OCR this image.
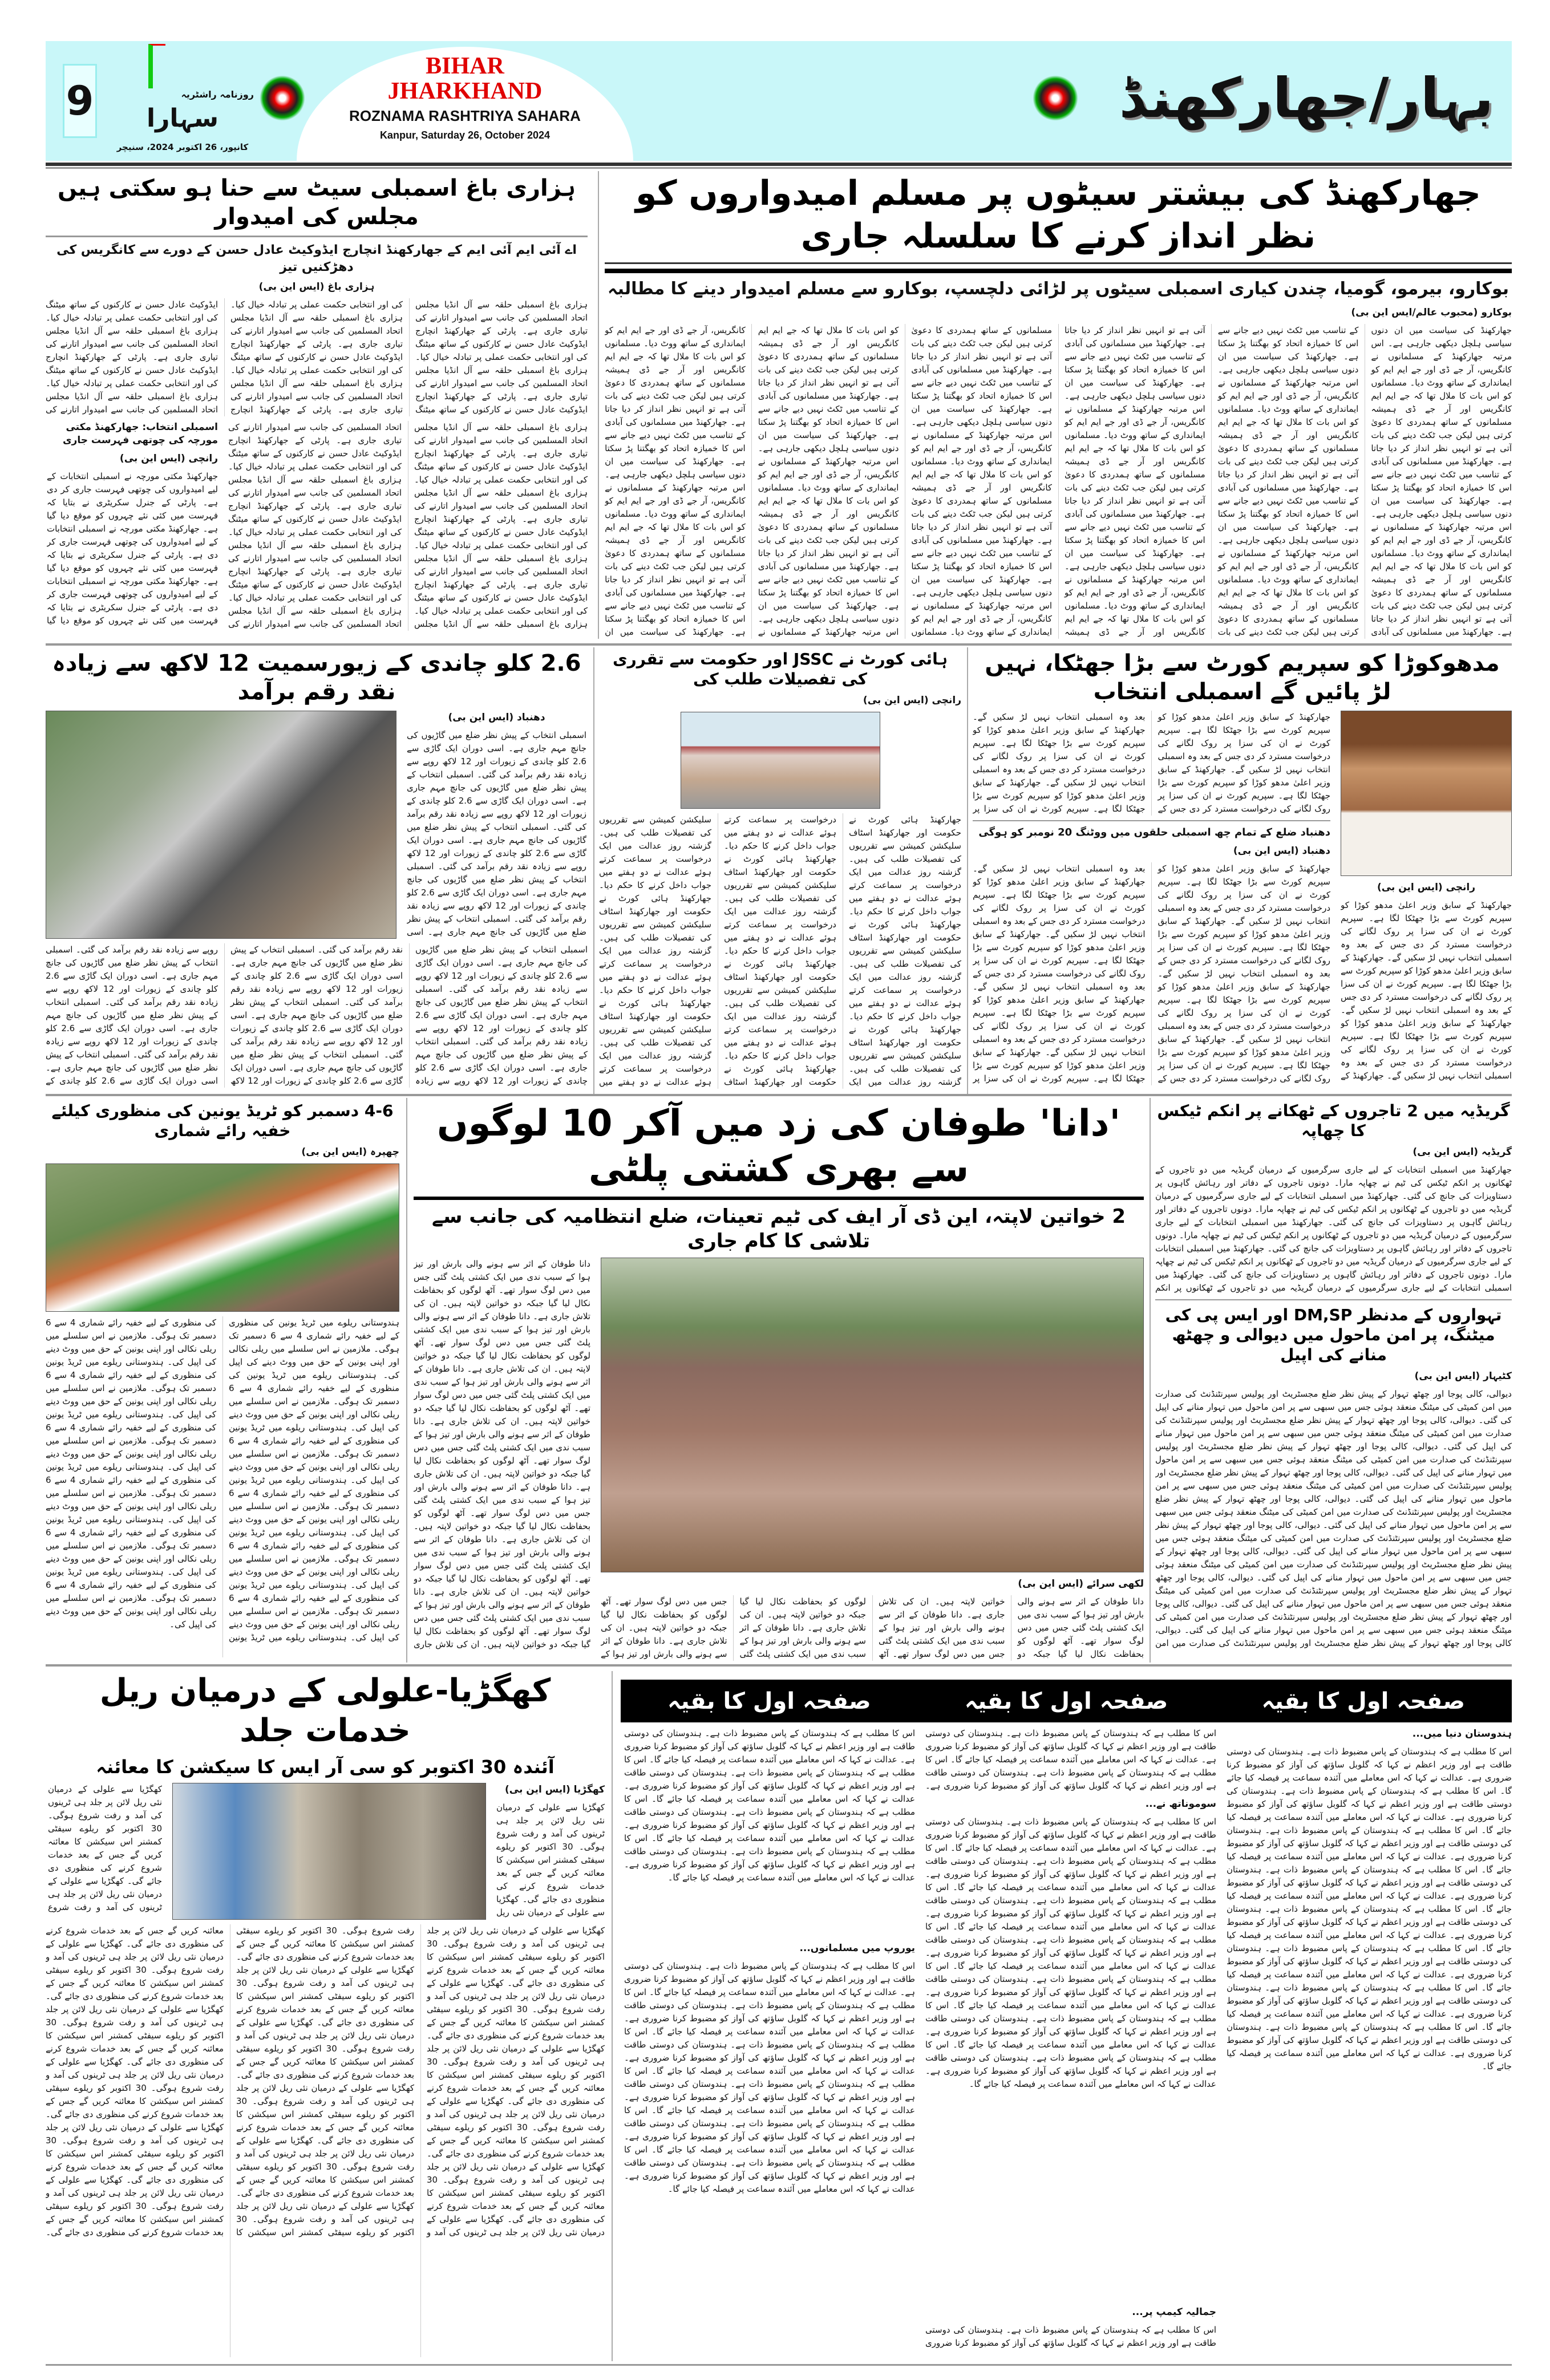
9	روزنامہ راشٹریہ
سہارا
کانپور، 26 اکتوبر 2024، سنیچر
BIHAR
JHARKHAND
ROZNAMA RASHTRIYA SAHARA
Kanpur, Saturday 26, October 2024
بہار/جھارکھنڈ
جھارکھنڈ کی بیشتر سیٹوں پر مسلم امیدواروں کو نظر انداز کرنے کا سلسلہ جاری
بوکارو، بیرمو، گومیا، چندن کیاری اسمبلی سیٹوں پر لڑائی دلچسپ، بوکارو سے مسلم امیدوار دینے کا مطالبہ
بوکارو (محبوب عالم/ایس این بی)
جھارکھنڈ کی سیاست میں ان دنوں سیاسی ہلچل دیکھی جارہی ہے۔ اس مرتبہ جھارکھنڈ کے مسلمانوں نے کانگریس، آر جے ڈی اور جے ایم ایم کو ایمانداری کے ساتھ ووٹ دیا۔ مسلمانوں کو اس بات کا ملال تھا کہ جے ایم ایم کانگریس اور آر جے ڈی ہمیشہ مسلمانوں کے ساتھ ہمدردی کا دعویٰ کرتی ہیں لیکن جب ٹکٹ دینے کی بات آتی ہے تو انہیں نظر انداز کر دیا جاتا ہے۔ جھارکھنڈ میں مسلمانوں کی آبادی کے تناسب میں ٹکٹ نہیں دیے جانے سے اس کا خمیازہ اتحاد کو بھگتنا پڑ سکتا ہے۔ جھارکھنڈ کی سیاست میں ان دنوں سیاسی ہلچل دیکھی جارہی ہے۔ اس مرتبہ جھارکھنڈ کے مسلمانوں نے کانگریس، آر جے ڈی اور جے ایم ایم کو ایمانداری کے ساتھ ووٹ دیا۔ مسلمانوں کو اس بات کا ملال تھا کہ جے ایم ایم کانگریس اور آر جے ڈی ہمیشہ مسلمانوں کے ساتھ ہمدردی کا دعویٰ کرتی ہیں لیکن جب ٹکٹ دینے کی بات آتی ہے تو انہیں نظر انداز کر دیا جاتا ہے۔ جھارکھنڈ میں مسلمانوں کی آبادی کے تناسب میں ٹکٹ نہیں دیے جانے سے اس کا خمیازہ اتحاد کو بھگتنا پڑ سکتا ہے۔ جھارکھنڈ کی سیاست میں ان دنوں سیاسی ہلچل دیکھی جارہی ہے۔ اس مرتبہ جھارکھنڈ کے مسلمانوں نے کانگریس، آر جے ڈی اور جے ایم ایم کو ایمانداری کے ساتھ ووٹ دیا۔ مسلمانوں کو اس بات کا ملال تھا کہ جے ایم ایم کانگریس اور آر جے ڈی ہمیشہ مسلمانوں کے ساتھ ہمدردی کا دعویٰ کرتی ہیں لیکن جب ٹکٹ دینے کی بات آتی ہے تو انہیں نظر انداز کر دیا جاتا ہے۔ جھارکھنڈ میں مسلمانوں کی آبادی کے تناسب میں ٹکٹ نہیں دیے جانے سے اس کا خمیازہ اتحاد کو بھگتنا پڑ سکتا ہے۔ جھارکھنڈ کی سیاست میں ان دنوں سیاسی ہلچل دیکھی جارہی ہے۔ اس مرتبہ جھارکھنڈ کے مسلمانوں نے کانگریس، آر جے ڈی اور جے ایم ایم کو ایمانداری کے ساتھ ووٹ دیا۔ مسلمانوں کو اس بات کا ملال تھا کہ جے ایم ایم کانگریس اور آر جے ڈی ہمیشہ مسلمانوں کے ساتھ ہمدردی کا دعویٰ کرتی ہیں لیکن جب ٹکٹ دینے کی بات آتی ہے تو انہیں نظر انداز کر دیا جاتا ہے۔ جھارکھنڈ میں مسلمانوں کی آبادی کے تناسب میں ٹکٹ نہیں دیے جانے سے اس کا خمیازہ اتحاد کو بھگتنا پڑ سکتا ہے۔ جھارکھنڈ کی سیاست میں ان دنوں سیاسی ہلچل دیکھی جارہی ہے۔ اس مرتبہ جھارکھنڈ کے مسلمانوں نے کانگریس، آر جے ڈی اور جے ایم ایم کو ایمانداری کے ساتھ ووٹ دیا۔ مسلمانوں کو اس بات کا ملال تھا کہ جے ایم ایم کانگریس اور آر جے ڈی ہمیشہ مسلمانوں کے ساتھ ہمدردی کا دعویٰ کرتی ہیں لیکن جب ٹکٹ دینے کی بات آتی ہے تو انہیں نظر انداز کر دیا جاتا ہے۔ جھارکھنڈ میں مسلمانوں کی آبادی کے تناسب میں ٹکٹ نہیں دیے جانے سے اس کا خمیازہ اتحاد کو بھگتنا پڑ سکتا ہے۔ جھارکھنڈ کی سیاست میں ان دنوں سیاسی ہلچل دیکھی جارہی ہے۔ اس مرتبہ جھارکھنڈ کے مسلمانوں نے کانگریس، آر جے ڈی اور جے ایم ایم کو ایمانداری کے ساتھ ووٹ دیا۔ مسلمانوں کو اس بات کا ملال تھا کہ جے ایم ایم کانگریس اور آر جے ڈی ہمیشہ مسلمانوں کے ساتھ ہمدردی کا دعویٰ کرتی ہیں لیکن جب ٹکٹ دینے کی بات آتی ہے تو انہیں نظر انداز کر دیا جاتا ہے۔ جھارکھنڈ میں مسلمانوں کی آبادی کے تناسب میں ٹکٹ نہیں دیے جانے سے اس کا خمیازہ اتحاد کو بھگتنا پڑ سکتا ہے۔ جھارکھنڈ کی سیاست میں ان دنوں سیاسی ہلچل دیکھی جارہی ہے۔ اس مرتبہ جھارکھنڈ کے مسلمانوں نے کانگریس، آر جے ڈی اور جے ایم ایم کو ایمانداری کے ساتھ ووٹ دیا۔ مسلمانوں کو اس بات کا ملال تھا کہ جے ایم ایم کانگریس اور آر جے ڈی ہمیشہ مسلمانوں کے ساتھ ہمدردی کا دعویٰ کرتی ہیں لیکن جب ٹکٹ دینے کی بات آتی ہے تو انہیں نظر انداز کر دیا جاتا ہے۔ جھارکھنڈ میں مسلمانوں کی آبادی کے تناسب میں ٹکٹ نہیں دیے جانے سے اس کا خمیازہ اتحاد کو بھگتنا پڑ سکتا ہے۔ جھارکھنڈ کی سیاست میں ان دنوں سیاسی ہلچل دیکھی جارہی ہے۔ اس مرتبہ جھارکھنڈ کے مسلمانوں نے کانگریس، آر جے ڈی اور جے ایم ایم کو ایمانداری کے ساتھ ووٹ دیا۔ مسلمانوں کو اس بات کا ملال تھا کہ جے ایم ایم کانگریس اور آر جے ڈی ہمیشہ مسلمانوں کے ساتھ ہمدردی کا دعویٰ کرتی ہیں لیکن جب ٹکٹ دینے کی بات آتی ہے تو انہیں نظر انداز کر دیا جاتا ہے۔ جھارکھنڈ میں مسلمانوں کی آبادی کے تناسب میں ٹکٹ نہیں دیے جانے سے اس کا خمیازہ اتحاد کو بھگتنا پڑ سکتا ہے۔ جھارکھنڈ کی سیاست میں ان دنوں سیاسی ہلچل دیکھی جارہی ہے۔ اس مرتبہ جھارکھنڈ کے مسلمانوں نے کانگریس، آر جے ڈی اور جے ایم ایم کو ایمانداری کے ساتھ ووٹ دیا۔ مسلمانوں کو اس بات کا ملال تھا کہ جے ایم ایم کانگریس اور آر جے ڈی ہمیشہ مسلمانوں کے ساتھ ہمدردی کا دعویٰ کرتی ہیں لیکن جب ٹکٹ دینے کی بات آتی ہے تو انہیں نظر انداز کر دیا جاتا ہے۔ جھارکھنڈ میں مسلمانوں کی آبادی کے تناسب میں ٹکٹ نہیں دیے جانے سے اس کا خمیازہ اتحاد کو بھگتنا پڑ سکتا ہے۔ جھارکھنڈ کی سیاست میں ان دنوں سیاسی ہلچل دیکھی جارہی ہے۔ اس مرتبہ جھارکھنڈ کے مسلمانوں نے کانگریس، آر جے ڈی اور جے ایم ایم کو ایمانداری کے ساتھ ووٹ دیا۔ مسلمانوں کو اس بات کا ملال تھا کہ جے ایم ایم کانگریس اور آر جے ڈی ہمیشہ مسلمانوں کے ساتھ ہمدردی کا دعویٰ کرتی ہیں لیکن جب ٹکٹ دینے کی بات آتی ہے تو انہیں نظر انداز کر دیا جاتا ہے۔ جھارکھنڈ میں مسلمانوں کی آبادی کے تناسب میں ٹکٹ نہیں دیے جانے سے اس کا خمیازہ اتحاد کو بھگتنا پڑ سکتا ہے۔ جھارکھنڈ کی سیاست میں ان دنوں سیاسی ہلچل دیکھی جارہی ہے۔ اس مرتبہ جھارکھنڈ کے مسلمانوں نے کانگریس، آر جے ڈی اور جے ایم ایم کو ایمانداری کے ساتھ ووٹ دیا۔ مسلمانوں کو اس بات کا ملال تھا کہ جے ایم ایم کانگریس اور آر جے ڈی ہمیشہ مسلمانوں کے ساتھ ہمدردی کا دعویٰ کرتی ہیں لیکن جب ٹکٹ دینے کی بات آتی ہے تو انہیں نظر انداز کر دیا جاتا ہے۔ جھارکھنڈ میں مسلمانوں کی آبادی کے تناسب میں ٹکٹ نہیں دیے جانے سے اس کا خمیازہ اتحاد کو بھگتنا پڑ سکتا ہے۔ جھارکھنڈ کی سیاست میں ان
ہزاری باغ اسمبلی سیٹ سے حنا ہو سکتی ہیں مجلس کی امیدوار
اے آئی ایم آئی ایم کے جھارکھنڈ انچارج ایڈوکیٹ عادل حسن کے دورے سے کانگریس کی دھڑکنیں تیز
ہزاری باغ (ایس این بی)
ہزاری باغ اسمبلی حلقہ سے آل انڈیا مجلس اتحاد المسلمین کی جانب سے امیدوار اتارنے کی تیاری جاری ہے۔ پارٹی کے جھارکھنڈ انچارج ایڈوکیٹ عادل حسن نے کارکنوں کے ساتھ میٹنگ کی اور انتخابی حکمت عملی پر تبادلہ خیال کیا۔ ہزاری باغ اسمبلی حلقہ سے آل انڈیا مجلس اتحاد المسلمین کی جانب سے امیدوار اتارنے کی تیاری جاری ہے۔ پارٹی کے جھارکھنڈ انچارج ایڈوکیٹ عادل حسن نے کارکنوں کے ساتھ میٹنگ کی اور انتخابی حکمت عملی پر تبادلہ خیال کیا۔ ہزاری باغ اسمبلی حلقہ سے آل انڈیا مجلس اتحاد المسلمین کی جانب سے امیدوار اتارنے کی تیاری جاری ہے۔ پارٹی کے جھارکھنڈ انچارج ایڈوکیٹ عادل حسن نے کارکنوں کے ساتھ میٹنگ کی اور انتخابی حکمت عملی پر تبادلہ خیال کیا۔ ہزاری باغ اسمبلی حلقہ سے آل انڈیا مجلس اتحاد المسلمین کی جانب سے امیدوار اتارنے کی تیاری جاری ہے۔ پارٹی کے جھارکھنڈ انچارج ایڈوکیٹ عادل حسن نے کارکنوں کے ساتھ میٹنگ کی اور انتخابی حکمت عملی پر تبادلہ خیال کیا۔ ہزاری باغ اسمبلی حلقہ سے آل انڈیا مجلس اتحاد المسلمین کی جانب سے امیدوار اتارنے کی تیاری جاری ہے۔ پارٹی کے جھارکھنڈ انچارج ایڈوکیٹ عادل حسن نے کارکنوں کے ساتھ میٹنگ کی اور انتخابی حکمت عملی پر تبادلہ خیال کیا۔ ہزاری باغ اسمبلی حلقہ سے آل انڈیا مجلس اتحاد المسلمین کی جانب سے امیدوار اتارنے کی
ہزاری باغ اسمبلی حلقہ سے آل انڈیا مجلس اتحاد المسلمین کی جانب سے امیدوار اتارنے کی تیاری جاری ہے۔ پارٹی کے جھارکھنڈ انچارج ایڈوکیٹ عادل حسن نے کارکنوں کے ساتھ میٹنگ کی اور انتخابی حکمت عملی پر تبادلہ خیال کیا۔ ہزاری باغ اسمبلی حلقہ سے آل انڈیا مجلس اتحاد المسلمین کی جانب سے امیدوار اتارنے کی تیاری جاری ہے۔ پارٹی کے جھارکھنڈ انچارج ایڈوکیٹ عادل حسن نے کارکنوں کے ساتھ میٹنگ کی اور انتخابی حکمت عملی پر تبادلہ خیال کیا۔ ہزاری باغ اسمبلی حلقہ سے آل انڈیا مجلس اتحاد المسلمین کی جانب سے امیدوار اتارنے کی تیاری جاری ہے۔ پارٹی کے جھارکھنڈ انچارج ایڈوکیٹ عادل حسن نے کارکنوں کے ساتھ میٹنگ کی اور انتخابی حکمت عملی پر تبادلہ خیال کیا۔ ہزاری باغ اسمبلی حلقہ سے آل انڈیا مجلس اتحاد المسلمین کی جانب سے امیدوار اتارنے کی تیاری جاری ہے۔ پارٹی کے جھارکھنڈ انچارج ایڈوکیٹ عادل حسن نے کارکنوں کے ساتھ میٹنگ کی اور انتخابی حکمت عملی پر تبادلہ خیال کیا۔ ہزاری باغ اسمبلی حلقہ سے آل انڈیا مجلس اتحاد المسلمین کی جانب سے امیدوار اتارنے کی تیاری جاری ہے۔ پارٹی کے جھارکھنڈ انچارج ایڈوکیٹ عادل حسن نے کارکنوں کے ساتھ میٹنگ کی اور انتخابی حکمت عملی پر تبادلہ خیال کیا۔ ہزاری باغ اسمبلی حلقہ سے آل انڈیا مجلس اتحاد المسلمین کی جانب سے امیدوار اتارنے کی تیاری جاری ہے۔ پارٹی کے جھارکھنڈ انچارج ایڈوکیٹ عادل حسن نے کارکنوں کے ساتھ میٹنگ کی اور انتخابی حکمت عملی پر تبادلہ خیال کیا۔ ہزاری باغ اسمبلی حلقہ سے آل انڈیا مجلس اتحاد المسلمین کی جانب سے امیدوار اتارنے کی
اسمبلی انتخاب: جھارکھنڈ مکتی مورچہ کی چوتھی فہرست جاری
رانچی (ایس این بی)
جھارکھنڈ مکتی مورچہ نے اسمبلی انتخابات کے لیے امیدواروں کی چوتھی فہرست جاری کر دی ہے۔ پارٹی کے جنرل سکریٹری نے بتایا کہ فہرست میں کئی نئے چہروں کو موقع دیا گیا ہے۔ جھارکھنڈ مکتی مورچہ نے اسمبلی انتخابات کے لیے امیدواروں کی چوتھی فہرست جاری کر دی ہے۔ پارٹی کے جنرل سکریٹری نے بتایا کہ فہرست میں کئی نئے چہروں کو موقع دیا گیا ہے۔ جھارکھنڈ مکتی مورچہ نے اسمبلی انتخابات کے لیے امیدواروں کی چوتھی فہرست جاری کر دی ہے۔ پارٹی کے جنرل سکریٹری نے بتایا کہ فہرست میں کئی نئے چہروں کو موقع دیا گیا
مدھوکوڑا کو سپریم کورٹ سے بڑا جھٹکا، نہیں لڑ پائیں گے اسمبلی انتخاب
رانچی (ایس این بی)
جھارکھنڈ کے سابق وزیر اعلیٰ مدھو کوڑا کو سپریم کورٹ سے بڑا جھٹکا لگا ہے۔ سپریم کورٹ نے ان کی سزا پر روک لگانے کی درخواست مسترد کر دی جس کے بعد وہ اسمبلی انتخاب نہیں لڑ سکیں گے۔ جھارکھنڈ کے سابق وزیر اعلیٰ مدھو کوڑا کو سپریم کورٹ سے بڑا جھٹکا لگا ہے۔ سپریم کورٹ نے ان کی سزا پر روک لگانے کی درخواست مسترد کر دی جس کے بعد وہ اسمبلی انتخاب نہیں لڑ سکیں گے۔ جھارکھنڈ کے سابق وزیر اعلیٰ مدھو کوڑا کو سپریم کورٹ سے بڑا جھٹکا لگا ہے۔ سپریم کورٹ نے ان کی سزا پر روک لگانے کی درخواست مسترد کر دی جس کے بعد وہ اسمبلی انتخاب نہیں لڑ سکیں گے۔ جھارکھنڈ کے
جھارکھنڈ کے سابق وزیر اعلیٰ مدھو کوڑا کو سپریم کورٹ سے بڑا جھٹکا لگا ہے۔ سپریم کورٹ نے ان کی سزا پر روک لگانے کی درخواست مسترد کر دی جس کے بعد وہ اسمبلی انتخاب نہیں لڑ سکیں گے۔ جھارکھنڈ کے سابق وزیر اعلیٰ مدھو کوڑا کو سپریم کورٹ سے بڑا جھٹکا لگا ہے۔ سپریم کورٹ نے ان کی سزا پر روک لگانے کی درخواست مسترد کر دی جس کے بعد وہ اسمبلی انتخاب نہیں لڑ سکیں گے۔ جھارکھنڈ کے سابق وزیر اعلیٰ مدھو کوڑا کو سپریم کورٹ سے بڑا جھٹکا لگا ہے۔ سپریم کورٹ نے ان کی سزا پر روک لگانے کی درخواست مسترد کر دی جس کے بعد وہ اسمبلی انتخاب نہیں لڑ سکیں گے۔ جھارکھنڈ کے سابق وزیر اعلیٰ مدھو کوڑا کو سپریم کورٹ سے بڑا جھٹکا لگا ہے۔ سپریم کورٹ نے ان کی سزا پر
دھنباد ضلع کے تمام چھ اسمبلی حلقوں میں ووٹنگ 20 نومبر کو ہوگی
دھنباد (ایس این بی)
جھارکھنڈ کے سابق وزیر اعلیٰ مدھو کوڑا کو سپریم کورٹ سے بڑا جھٹکا لگا ہے۔ سپریم کورٹ نے ان کی سزا پر روک لگانے کی درخواست مسترد کر دی جس کے بعد وہ اسمبلی انتخاب نہیں لڑ سکیں گے۔ جھارکھنڈ کے سابق وزیر اعلیٰ مدھو کوڑا کو سپریم کورٹ سے بڑا جھٹکا لگا ہے۔ سپریم کورٹ نے ان کی سزا پر روک لگانے کی درخواست مسترد کر دی جس کے بعد وہ اسمبلی انتخاب نہیں لڑ سکیں گے۔ جھارکھنڈ کے سابق وزیر اعلیٰ مدھو کوڑا کو سپریم کورٹ سے بڑا جھٹکا لگا ہے۔ سپریم کورٹ نے ان کی سزا پر روک لگانے کی درخواست مسترد کر دی جس کے بعد وہ اسمبلی انتخاب نہیں لڑ سکیں گے۔ جھارکھنڈ کے سابق وزیر اعلیٰ مدھو کوڑا کو سپریم کورٹ سے بڑا جھٹکا لگا ہے۔ سپریم کورٹ نے ان کی سزا پر روک لگانے کی درخواست مسترد کر دی جس کے بعد وہ اسمبلی انتخاب نہیں لڑ سکیں گے۔ جھارکھنڈ کے سابق وزیر اعلیٰ مدھو کوڑا کو سپریم کورٹ سے بڑا جھٹکا لگا ہے۔ سپریم کورٹ نے ان کی سزا پر روک لگانے کی درخواست مسترد کر دی جس کے بعد وہ اسمبلی انتخاب نہیں لڑ سکیں گے۔ جھارکھنڈ کے سابق وزیر اعلیٰ مدھو کوڑا کو سپریم کورٹ سے بڑا جھٹکا لگا ہے۔ سپریم کورٹ نے ان کی سزا پر روک لگانے کی درخواست مسترد کر دی جس کے بعد وہ اسمبلی انتخاب نہیں لڑ سکیں گے۔ جھارکھنڈ کے سابق وزیر اعلیٰ مدھو کوڑا کو سپریم کورٹ سے بڑا جھٹکا لگا ہے۔ سپریم کورٹ نے ان کی سزا پر روک لگانے کی درخواست مسترد کر دی جس کے بعد وہ اسمبلی انتخاب نہیں لڑ سکیں گے۔ جھارکھنڈ کے سابق وزیر اعلیٰ مدھو کوڑا کو سپریم کورٹ سے بڑا جھٹکا لگا ہے۔ سپریم کورٹ نے ان کی سزا پر
ہائی کورٹ نے JSSC اور حکومت سے تقرری کی تفصیلات طلب کی
رانچی (ایس این بی)
جھارکھنڈ ہائی کورٹ نے حکومت اور جھارکھنڈ اسٹاف سلیکشن کمیشن سے تقرریوں کی تفصیلات طلب کی ہیں۔ گزشتہ روز عدالت میں ایک درخواست پر سماعت کرتے ہوئے عدالت نے دو ہفتے میں جواب داخل کرنے کا حکم دیا۔ جھارکھنڈ ہائی کورٹ نے حکومت اور جھارکھنڈ اسٹاف سلیکشن کمیشن سے تقرریوں کی تفصیلات طلب کی ہیں۔ گزشتہ روز عدالت میں ایک درخواست پر سماعت کرتے ہوئے عدالت نے دو ہفتے میں جواب داخل کرنے کا حکم دیا۔ جھارکھنڈ ہائی کورٹ نے حکومت اور جھارکھنڈ اسٹاف سلیکشن کمیشن سے تقرریوں کی تفصیلات طلب کی ہیں۔ گزشتہ روز عدالت میں ایک درخواست پر سماعت کرتے ہوئے عدالت نے دو ہفتے میں جواب داخل کرنے کا حکم دیا۔ جھارکھنڈ ہائی کورٹ نے حکومت اور جھارکھنڈ اسٹاف سلیکشن کمیشن سے تقرریوں کی تفصیلات طلب کی ہیں۔ گزشتہ روز عدالت میں ایک درخواست پر سماعت کرتے ہوئے عدالت نے دو ہفتے میں جواب داخل کرنے کا حکم دیا۔ جھارکھنڈ ہائی کورٹ نے حکومت اور جھارکھنڈ اسٹاف سلیکشن کمیشن سے تقرریوں کی تفصیلات طلب کی ہیں۔ گزشتہ روز عدالت میں ایک درخواست پر سماعت کرتے ہوئے عدالت نے دو ہفتے میں جواب داخل کرنے کا حکم دیا۔ جھارکھنڈ ہائی کورٹ نے حکومت اور جھارکھنڈ اسٹاف سلیکشن کمیشن سے تقرریوں کی تفصیلات طلب کی ہیں۔ گزشتہ روز عدالت میں ایک درخواست پر سماعت کرتے ہوئے عدالت نے دو ہفتے میں جواب داخل کرنے کا حکم دیا۔ جھارکھنڈ ہائی کورٹ نے حکومت اور جھارکھنڈ اسٹاف سلیکشن کمیشن سے تقرریوں کی تفصیلات طلب کی ہیں۔ گزشتہ روز عدالت میں ایک درخواست پر سماعت کرتے ہوئے عدالت نے دو ہفتے میں جواب داخل کرنے کا حکم دیا۔ جھارکھنڈ ہائی کورٹ نے حکومت اور جھارکھنڈ اسٹاف سلیکشن کمیشن سے تقرریوں کی تفصیلات طلب کی ہیں۔ گزشتہ روز عدالت میں ایک درخواست پر سماعت کرتے ہوئے عدالت نے دو ہفتے میں
2.6 کلو چاندی کے زیورسمیت 12 لاکھ سے زیادہ نقد رقم برآمد
دھنباد (ایس این بی)
اسمبلی انتخاب کے پیش نظر ضلع میں گاڑیوں کی جانچ مہم جاری ہے۔ اسی دوران ایک گاڑی سے 2.6 کلو چاندی کے زیورات اور 12 لاکھ روپے سے زیادہ نقد رقم برآمد کی گئی۔ اسمبلی انتخاب کے پیش نظر ضلع میں گاڑیوں کی جانچ مہم جاری ہے۔ اسی دوران ایک گاڑی سے 2.6 کلو چاندی کے زیورات اور 12 لاکھ روپے سے زیادہ نقد رقم برآمد کی گئی۔ اسمبلی انتخاب کے پیش نظر ضلع میں گاڑیوں کی جانچ مہم جاری ہے۔ اسی دوران ایک گاڑی سے 2.6 کلو چاندی کے زیورات اور 12 لاکھ روپے سے زیادہ نقد رقم برآمد کی گئی۔ اسمبلی انتخاب کے پیش نظر ضلع میں گاڑیوں کی جانچ مہم جاری ہے۔ اسی دوران ایک گاڑی سے 2.6 کلو چاندی کے زیورات اور 12 لاکھ روپے سے زیادہ نقد رقم برآمد کی گئی۔ اسمبلی انتخاب کے پیش نظر ضلع میں گاڑیوں کی جانچ مہم جاری ہے۔ اسی
اسمبلی انتخاب کے پیش نظر ضلع میں گاڑیوں کی جانچ مہم جاری ہے۔ اسی دوران ایک گاڑی سے 2.6 کلو چاندی کے زیورات اور 12 لاکھ روپے سے زیادہ نقد رقم برآمد کی گئی۔ اسمبلی انتخاب کے پیش نظر ضلع میں گاڑیوں کی جانچ مہم جاری ہے۔ اسی دوران ایک گاڑی سے 2.6 کلو چاندی کے زیورات اور 12 لاکھ روپے سے زیادہ نقد رقم برآمد کی گئی۔ اسمبلی انتخاب کے پیش نظر ضلع میں گاڑیوں کی جانچ مہم جاری ہے۔ اسی دوران ایک گاڑی سے 2.6 کلو چاندی کے زیورات اور 12 لاکھ روپے سے زیادہ نقد رقم برآمد کی گئی۔ اسمبلی انتخاب کے پیش نظر ضلع میں گاڑیوں کی جانچ مہم جاری ہے۔ اسی دوران ایک گاڑی سے 2.6 کلو چاندی کے زیورات اور 12 لاکھ روپے سے زیادہ نقد رقم برآمد کی گئی۔ اسمبلی انتخاب کے پیش نظر ضلع میں گاڑیوں کی جانچ مہم جاری ہے۔ اسی دوران ایک گاڑی سے 2.6 کلو چاندی کے زیورات اور 12 لاکھ روپے سے زیادہ نقد رقم برآمد کی گئی۔ اسمبلی انتخاب کے پیش نظر ضلع میں گاڑیوں کی جانچ مہم جاری ہے۔ اسی دوران ایک گاڑی سے 2.6 کلو چاندی کے زیورات اور 12 لاکھ روپے سے زیادہ نقد رقم برآمد کی گئی۔ اسمبلی انتخاب کے پیش نظر ضلع میں گاڑیوں کی جانچ مہم جاری ہے۔ اسی دوران ایک گاڑی سے 2.6 کلو چاندی کے زیورات اور 12 لاکھ روپے سے زیادہ نقد رقم برآمد کی گئی۔ اسمبلی انتخاب کے پیش نظر ضلع میں گاڑیوں کی جانچ مہم جاری ہے۔ اسی دوران ایک گاڑی سے 2.6 کلو چاندی کے زیورات اور 12 لاکھ روپے سے زیادہ نقد رقم برآمد کی گئی۔ اسمبلی انتخاب کے پیش نظر ضلع میں گاڑیوں کی جانچ مہم جاری ہے۔ اسی دوران ایک گاڑی سے 2.6 کلو چاندی کے
گریڈیہ میں 2 تاجروں کے ٹھکانے پر انکم ٹیکس کا چھاپہ
گریڈیہ (ایس این بی)
جھارکھنڈ میں اسمبلی انتخابات کے لیے جاری سرگرمیوں کے درمیان گریڈیہ میں دو تاجروں کے ٹھکانوں پر انکم ٹیکس کی ٹیم نے چھاپہ مارا۔ دونوں تاجروں کے دفاتر اور رہائش گاہوں پر دستاویزات کی جانچ کی گئی۔ جھارکھنڈ میں اسمبلی انتخابات کے لیے جاری سرگرمیوں کے درمیان گریڈیہ میں دو تاجروں کے ٹھکانوں پر انکم ٹیکس کی ٹیم نے چھاپہ مارا۔ دونوں تاجروں کے دفاتر اور رہائش گاہوں پر دستاویزات کی جانچ کی گئی۔ جھارکھنڈ میں اسمبلی انتخابات کے لیے جاری سرگرمیوں کے درمیان گریڈیہ میں دو تاجروں کے ٹھکانوں پر انکم ٹیکس کی ٹیم نے چھاپہ مارا۔ دونوں تاجروں کے دفاتر اور رہائش گاہوں پر دستاویزات کی جانچ کی گئی۔ جھارکھنڈ میں اسمبلی انتخابات کے لیے جاری سرگرمیوں کے درمیان گریڈیہ میں دو تاجروں کے ٹھکانوں پر انکم ٹیکس کی ٹیم نے چھاپہ مارا۔ دونوں تاجروں کے دفاتر اور رہائش گاہوں پر دستاویزات کی جانچ کی گئی۔ جھارکھنڈ میں اسمبلی انتخابات کے لیے جاری سرگرمیوں کے درمیان گریڈیہ میں دو تاجروں کے ٹھکانوں پر انکم
تہواروں کے مدنظر DM,SP اور ایس پی کی میٹنگ، پر امن ماحول میں دیوالی و چھٹھ منانے کی اپیل
کٹیہار (ایس این بی)
دیوالی، کالی پوجا اور چھٹھ تہوار کے پیش نظر ضلع مجسٹریٹ اور پولیس سپرنٹنڈنٹ کی صدارت میں امن کمیٹی کی میٹنگ منعقد ہوئی جس میں سبھی سے پر امن ماحول میں تہوار منانے کی اپیل کی گئی۔ دیوالی، کالی پوجا اور چھٹھ تہوار کے پیش نظر ضلع مجسٹریٹ اور پولیس سپرنٹنڈنٹ کی صدارت میں امن کمیٹی کی میٹنگ منعقد ہوئی جس میں سبھی سے پر امن ماحول میں تہوار منانے کی اپیل کی گئی۔ دیوالی، کالی پوجا اور چھٹھ تہوار کے پیش نظر ضلع مجسٹریٹ اور پولیس سپرنٹنڈنٹ کی صدارت میں امن کمیٹی کی میٹنگ منعقد ہوئی جس میں سبھی سے پر امن ماحول میں تہوار منانے کی اپیل کی گئی۔ دیوالی، کالی پوجا اور چھٹھ تہوار کے پیش نظر ضلع مجسٹریٹ اور پولیس سپرنٹنڈنٹ کی صدارت میں امن کمیٹی کی میٹنگ منعقد ہوئی جس میں سبھی سے پر امن ماحول میں تہوار منانے کی اپیل کی گئی۔ دیوالی، کالی پوجا اور چھٹھ تہوار کے پیش نظر ضلع مجسٹریٹ اور پولیس سپرنٹنڈنٹ کی صدارت میں امن کمیٹی کی میٹنگ منعقد ہوئی جس میں سبھی سے پر امن ماحول میں تہوار منانے کی اپیل کی گئی۔ دیوالی، کالی پوجا اور چھٹھ تہوار کے پیش نظر ضلع مجسٹریٹ اور پولیس سپرنٹنڈنٹ کی صدارت میں امن کمیٹی کی میٹنگ منعقد ہوئی جس میں سبھی سے پر امن ماحول میں تہوار منانے کی اپیل کی گئی۔ دیوالی، کالی پوجا اور چھٹھ تہوار کے پیش نظر ضلع مجسٹریٹ اور پولیس سپرنٹنڈنٹ کی صدارت میں امن کمیٹی کی میٹنگ منعقد ہوئی جس میں سبھی سے پر امن ماحول میں تہوار منانے کی اپیل کی گئی۔ دیوالی، کالی پوجا اور چھٹھ تہوار کے پیش نظر ضلع مجسٹریٹ اور پولیس سپرنٹنڈنٹ کی صدارت میں امن کمیٹی کی میٹنگ منعقد ہوئی جس میں سبھی سے پر امن ماحول میں تہوار منانے کی اپیل کی گئی۔ دیوالی، کالی پوجا اور چھٹھ تہوار کے پیش نظر ضلع مجسٹریٹ اور پولیس سپرنٹنڈنٹ کی صدارت میں امن کمیٹی کی میٹنگ منعقد ہوئی جس میں سبھی سے پر امن ماحول میں تہوار منانے کی اپیل کی گئی۔ دیوالی، کالی پوجا اور چھٹھ تہوار کے پیش نظر ضلع مجسٹریٹ اور پولیس سپرنٹنڈنٹ کی صدارت میں امن
'دانا' طوفان کی زد میں آکر 10 لوگوں سے بھری کشتی پلٹی
2 خواتین لاپتہ، این ڈی آر ایف کی ٹیم تعینات، ضلع انتظامیہ کی جانب سے تلاشی کا کام جاری
دانا طوفان کے اثر سے ہونے والی بارش اور تیز ہوا کے سبب ندی میں ایک کشتی پلٹ گئی جس میں دس لوگ سوار تھے۔ آٹھ لوگوں کو بحفاظت نکال لیا گیا جبکہ دو خواتین لاپتہ ہیں۔ ان کی تلاش جاری ہے۔ دانا طوفان کے اثر سے ہونے والی بارش اور تیز ہوا کے سبب ندی میں ایک کشتی پلٹ گئی جس میں دس لوگ سوار تھے۔ آٹھ لوگوں کو بحفاظت نکال لیا گیا جبکہ دو خواتین لاپتہ ہیں۔ ان کی تلاش جاری ہے۔ دانا طوفان کے اثر سے ہونے والی بارش اور تیز ہوا کے سبب ندی میں ایک کشتی پلٹ گئی جس میں دس لوگ سوار تھے۔ آٹھ لوگوں کو بحفاظت نکال لیا گیا جبکہ دو خواتین لاپتہ ہیں۔ ان کی تلاش جاری ہے۔ دانا طوفان کے اثر سے ہونے والی بارش اور تیز ہوا کے سبب ندی میں ایک کشتی پلٹ گئی جس میں دس لوگ سوار تھے۔ آٹھ لوگوں کو بحفاظت نکال لیا گیا جبکہ دو خواتین لاپتہ ہیں۔ ان کی تلاش جاری ہے۔ دانا طوفان کے اثر سے ہونے والی بارش اور تیز ہوا کے سبب ندی میں ایک کشتی پلٹ گئی جس میں دس لوگ سوار تھے۔ آٹھ لوگوں کو بحفاظت نکال لیا گیا جبکہ دو خواتین لاپتہ ہیں۔ ان کی تلاش جاری ہے۔ دانا طوفان کے اثر سے ہونے والی بارش اور تیز ہوا کے سبب ندی میں ایک کشتی پلٹ گئی جس میں دس لوگ سوار تھے۔ آٹھ لوگوں کو بحفاظت نکال لیا گیا جبکہ دو خواتین لاپتہ ہیں۔ ان کی تلاش جاری ہے۔ دانا طوفان کے اثر سے ہونے والی بارش اور تیز ہوا کے سبب ندی میں ایک کشتی پلٹ گئی جس میں دس لوگ سوار تھے۔ آٹھ لوگوں کو بحفاظت نکال لیا گیا جبکہ دو خواتین لاپتہ ہیں۔ ان کی تلاش جاری
لکھی سرائے (ایس این بی)
دانا طوفان کے اثر سے ہونے والی بارش اور تیز ہوا کے سبب ندی میں ایک کشتی پلٹ گئی جس میں دس لوگ سوار تھے۔ آٹھ لوگوں کو بحفاظت نکال لیا گیا جبکہ دو خواتین لاپتہ ہیں۔ ان کی تلاش جاری ہے۔ دانا طوفان کے اثر سے ہونے والی بارش اور تیز ہوا کے سبب ندی میں ایک کشتی پلٹ گئی جس میں دس لوگ سوار تھے۔ آٹھ لوگوں کو بحفاظت نکال لیا گیا جبکہ دو خواتین لاپتہ ہیں۔ ان کی تلاش جاری ہے۔ دانا طوفان کے اثر سے ہونے والی بارش اور تیز ہوا کے سبب ندی میں ایک کشتی پلٹ گئی جس میں دس لوگ سوار تھے۔ آٹھ لوگوں کو بحفاظت نکال لیا گیا جبکہ دو خواتین لاپتہ ہیں۔ ان کی تلاش جاری ہے۔ دانا طوفان کے اثر سے ہونے والی بارش اور تیز ہوا کے
4-6 دسمبر کو ٹریڈ یونین کی منظوری کیلئے خفیہ رائے شماری
چھپرہ (ایس این بی)
ہندوستانی ریلوے میں ٹریڈ یونین کی منظوری کے لیے خفیہ رائے شماری 4 سے 6 دسمبر تک ہوگی۔ ملازمین نے اس سلسلے میں ریلی نکالی اور اپنی یونین کے حق میں ووٹ دینے کی اپیل کی۔ ہندوستانی ریلوے میں ٹریڈ یونین کی منظوری کے لیے خفیہ رائے شماری 4 سے 6 دسمبر تک ہوگی۔ ملازمین نے اس سلسلے میں ریلی نکالی اور اپنی یونین کے حق میں ووٹ دینے کی اپیل کی۔ ہندوستانی ریلوے میں ٹریڈ یونین کی منظوری کے لیے خفیہ رائے شماری 4 سے 6 دسمبر تک ہوگی۔ ملازمین نے اس سلسلے میں ریلی نکالی اور اپنی یونین کے حق میں ووٹ دینے کی اپیل کی۔ ہندوستانی ریلوے میں ٹریڈ یونین کی منظوری کے لیے خفیہ رائے شماری 4 سے 6 دسمبر تک ہوگی۔ ملازمین نے اس سلسلے میں ریلی نکالی اور اپنی یونین کے حق میں ووٹ دینے کی اپیل کی۔ ہندوستانی ریلوے میں ٹریڈ یونین کی منظوری کے لیے خفیہ رائے شماری 4 سے 6 دسمبر تک ہوگی۔ ملازمین نے اس سلسلے میں ریلی نکالی اور اپنی یونین کے حق میں ووٹ دینے کی اپیل کی۔ ہندوستانی ریلوے میں ٹریڈ یونین کی منظوری کے لیے خفیہ رائے شماری 4 سے 6 دسمبر تک ہوگی۔ ملازمین نے اس سلسلے میں ریلی نکالی اور اپنی یونین کے حق میں ووٹ دینے کی اپیل کی۔ ہندوستانی ریلوے میں ٹریڈ یونین کی منظوری کے لیے خفیہ رائے شماری 4 سے 6 دسمبر تک ہوگی۔ ملازمین نے اس سلسلے میں ریلی نکالی اور اپنی یونین کے حق میں ووٹ دینے کی اپیل کی۔ ہندوستانی ریلوے میں ٹریڈ یونین کی منظوری کے لیے خفیہ رائے شماری 4 سے 6 دسمبر تک ہوگی۔ ملازمین نے اس سلسلے میں ریلی نکالی اور اپنی یونین کے حق میں ووٹ دینے کی اپیل کی۔ ہندوستانی ریلوے میں ٹریڈ یونین کی منظوری کے لیے خفیہ رائے شماری 4 سے 6 دسمبر تک ہوگی۔ ملازمین نے اس سلسلے میں ریلی نکالی اور اپنی یونین کے حق میں ووٹ دینے کی اپیل کی۔ ہندوستانی ریلوے میں ٹریڈ یونین کی منظوری کے لیے خفیہ رائے شماری 4 سے 6 دسمبر تک ہوگی۔ ملازمین نے اس سلسلے میں ریلی نکالی اور اپنی یونین کے حق میں ووٹ دینے کی اپیل کی۔ ہندوستانی ریلوے میں ٹریڈ یونین کی منظوری کے لیے خفیہ رائے شماری 4 سے 6 دسمبر تک ہوگی۔ ملازمین نے اس سلسلے میں ریلی نکالی اور اپنی یونین کے حق میں ووٹ دینے کی اپیل کی۔ ہندوستانی ریلوے میں ٹریڈ یونین کی منظوری کے لیے خفیہ رائے شماری 4 سے 6 دسمبر تک ہوگی۔ ملازمین نے اس سلسلے میں ریلی نکالی اور اپنی یونین کے حق میں ووٹ دینے کی اپیل کی۔
کھگڑیا-علولی کے درمیان ریل خدمات جلد
آئندہ 30 اکتوبر کو سی آر ایس کا سیکشن کا معائنہ
کھگڑیا (ایس این بی)
کھگڑیا سے علولی کے درمیان نئی ریل لائن پر جلد ہی ٹرینوں کی آمد و رفت شروع ہوگی۔ 30 اکتوبر کو ریلوے سیفٹی کمشنر اس سیکشن کا معائنہ کریں گے جس کے بعد خدمات شروع کرنے کی منظوری دی جائے گی۔ کھگڑیا سے علولی کے درمیان نئی ریل
کھگڑیا سے علولی کے درمیان نئی ریل لائن پر جلد ہی ٹرینوں کی آمد و رفت شروع ہوگی۔ 30 اکتوبر کو ریلوے سیفٹی کمشنر اس سیکشن کا معائنہ کریں گے جس کے بعد خدمات شروع کرنے کی منظوری دی جائے گی۔ کھگڑیا سے علولی کے درمیان نئی ریل لائن پر جلد ہی ٹرینوں کی آمد و رفت شروع
کھگڑیا سے علولی کے درمیان نئی ریل لائن پر جلد ہی ٹرینوں کی آمد و رفت شروع ہوگی۔ 30 اکتوبر کو ریلوے سیفٹی کمشنر اس سیکشن کا معائنہ کریں گے جس کے بعد خدمات شروع کرنے کی منظوری دی جائے گی۔ کھگڑیا سے علولی کے درمیان نئی ریل لائن پر جلد ہی ٹرینوں کی آمد و رفت شروع ہوگی۔ 30 اکتوبر کو ریلوے سیفٹی کمشنر اس سیکشن کا معائنہ کریں گے جس کے بعد خدمات شروع کرنے کی منظوری دی جائے گی۔ کھگڑیا سے علولی کے درمیان نئی ریل لائن پر جلد ہی ٹرینوں کی آمد و رفت شروع ہوگی۔ 30 اکتوبر کو ریلوے سیفٹی کمشنر اس سیکشن کا معائنہ کریں گے جس کے بعد خدمات شروع کرنے کی منظوری دی جائے گی۔ کھگڑیا سے علولی کے درمیان نئی ریل لائن پر جلد ہی ٹرینوں کی آمد و رفت شروع ہوگی۔ 30 اکتوبر کو ریلوے سیفٹی کمشنر اس سیکشن کا معائنہ کریں گے جس کے بعد خدمات شروع کرنے کی منظوری دی جائے گی۔ کھگڑیا سے علولی کے درمیان نئی ریل لائن پر جلد ہی ٹرینوں کی آمد و رفت شروع ہوگی۔ 30 اکتوبر کو ریلوے سیفٹی کمشنر اس سیکشن کا معائنہ کریں گے جس کے بعد خدمات شروع کرنے کی منظوری دی جائے گی۔ کھگڑیا سے علولی کے درمیان نئی ریل لائن پر جلد ہی ٹرینوں کی آمد و رفت شروع ہوگی۔ 30 اکتوبر کو ریلوے سیفٹی کمشنر اس سیکشن کا معائنہ کریں گے جس کے بعد خدمات شروع کرنے کی منظوری دی جائے گی۔ کھگڑیا سے علولی کے درمیان نئی ریل لائن پر جلد ہی ٹرینوں کی آمد و رفت شروع ہوگی۔ 30 اکتوبر کو ریلوے سیفٹی کمشنر اس سیکشن کا معائنہ کریں گے جس کے بعد خدمات شروع کرنے کی منظوری دی جائے گی۔ کھگڑیا سے علولی کے درمیان نئی ریل لائن پر جلد ہی ٹرینوں کی آمد و رفت شروع ہوگی۔ 30 اکتوبر کو ریلوے سیفٹی کمشنر اس سیکشن کا معائنہ کریں گے جس کے بعد خدمات شروع کرنے کی منظوری دی جائے گی۔ کھگڑیا سے علولی کے درمیان نئی ریل لائن پر جلد ہی ٹرینوں کی آمد و رفت شروع ہوگی۔ 30 اکتوبر کو ریلوے سیفٹی کمشنر اس سیکشن کا معائنہ کریں گے جس کے بعد خدمات شروع کرنے کی منظوری دی جائے گی۔ کھگڑیا سے علولی کے درمیان نئی ریل لائن پر جلد ہی ٹرینوں کی آمد و رفت شروع ہوگی۔ 30 اکتوبر کو ریلوے سیفٹی کمشنر اس سیکشن کا معائنہ کریں گے جس کے بعد خدمات شروع کرنے کی منظوری دی جائے گی۔ کھگڑیا سے علولی کے درمیان نئی ریل لائن پر جلد ہی ٹرینوں کی آمد و رفت شروع ہوگی۔ 30 اکتوبر کو ریلوے سیفٹی کمشنر اس سیکشن کا معائنہ کریں گے جس کے بعد خدمات شروع کرنے کی منظوری دی جائے گی۔ کھگڑیا سے علولی کے درمیان نئی ریل لائن پر جلد ہی ٹرینوں کی آمد و رفت شروع ہوگی۔ 30 اکتوبر کو ریلوے سیفٹی کمشنر اس سیکشن کا معائنہ کریں گے جس کے بعد خدمات شروع کرنے کی منظوری دی جائے گی۔ کھگڑیا سے علولی کے درمیان نئی ریل لائن پر جلد ہی ٹرینوں کی آمد و رفت شروع ہوگی۔ 30 اکتوبر کو ریلوے سیفٹی کمشنر اس سیکشن کا معائنہ کریں گے جس کے بعد خدمات شروع کرنے کی منظوری دی جائے گی۔ کھگڑیا سے علولی کے درمیان نئی ریل لائن پر جلد ہی ٹرینوں کی آمد و رفت شروع ہوگی۔ 30 اکتوبر کو ریلوے سیفٹی کمشنر اس سیکشن کا معائنہ کریں گے جس کے بعد خدمات شروع کرنے کی منظوری دی جائے گی۔ کھگڑیا سے علولی کے درمیان نئی ریل لائن پر جلد ہی ٹرینوں کی آمد و رفت شروع ہوگی۔ 30 اکتوبر کو ریلوے سیفٹی کمشنر اس سیکشن کا معائنہ کریں گے جس کے بعد خدمات شروع کرنے کی منظوری دی جائے گی۔ کھگڑیا سے علولی کے درمیان نئی ریل لائن پر جلد ہی ٹرینوں کی آمد و رفت شروع ہوگی۔ 30 اکتوبر کو ریلوے سیفٹی کمشنر اس سیکشن کا معائنہ کریں گے جس کے بعد خدمات شروع کرنے کی منظوری دی جائے گی۔
صفحہ اول کا بقیہ
صفحہ اول کا بقیہ
صفحہ اول کا بقیہ
ہندوستان دنیا میں...
اس کا مطلب ہے کہ ہندوستان کے پاس مضبوط ذات ہے۔ ہندوستان کی دوستی طاقت ہے اور وزیر اعظم نے کہا کہ گلوبل ساؤتھ کی آواز کو مضبوط کرنا ضروری ہے۔ عدالت نے کہا کہ اس معاملے میں آئندہ سماعت پر فیصلہ کیا جائے گا۔ اس کا مطلب ہے کہ ہندوستان کے پاس مضبوط ذات ہے۔ ہندوستان کی دوستی طاقت ہے اور وزیر اعظم نے کہا کہ گلوبل ساؤتھ کی آواز کو مضبوط کرنا ضروری ہے۔ عدالت نے کہا کہ اس معاملے میں آئندہ سماعت پر فیصلہ کیا جائے گا۔ اس کا مطلب ہے کہ ہندوستان کے پاس مضبوط ذات ہے۔ ہندوستان کی دوستی طاقت ہے اور وزیر اعظم نے کہا کہ گلوبل ساؤتھ کی آواز کو مضبوط کرنا ضروری ہے۔ عدالت نے کہا کہ اس معاملے میں آئندہ سماعت پر فیصلہ کیا جائے گا۔ اس کا مطلب ہے کہ ہندوستان کے پاس مضبوط ذات ہے۔ ہندوستان کی دوستی طاقت ہے اور وزیر اعظم نے کہا کہ گلوبل ساؤتھ کی آواز کو مضبوط کرنا ضروری ہے۔ عدالت نے کہا کہ اس معاملے میں آئندہ سماعت پر فیصلہ کیا جائے گا۔ اس کا مطلب ہے کہ ہندوستان کے پاس مضبوط ذات ہے۔ ہندوستان کی دوستی طاقت ہے اور وزیر اعظم نے کہا کہ گلوبل ساؤتھ کی آواز کو مضبوط کرنا ضروری ہے۔ عدالت نے کہا کہ اس معاملے میں آئندہ سماعت پر فیصلہ کیا جائے گا۔ اس کا مطلب ہے کہ ہندوستان کے پاس مضبوط ذات ہے۔ ہندوستان کی دوستی طاقت ہے اور وزیر اعظم نے کہا کہ گلوبل ساؤتھ کی آواز کو مضبوط کرنا ضروری ہے۔ عدالت نے کہا کہ اس معاملے میں آئندہ سماعت پر فیصلہ کیا جائے گا۔ اس کا مطلب ہے کہ ہندوستان کے پاس مضبوط ذات ہے۔ ہندوستان کی دوستی طاقت ہے اور وزیر اعظم نے کہا کہ گلوبل ساؤتھ کی آواز کو مضبوط کرنا ضروری ہے۔ عدالت نے کہا کہ اس معاملے میں آئندہ سماعت پر فیصلہ کیا جائے گا۔ اس کا مطلب ہے کہ ہندوستان کے پاس مضبوط ذات ہے۔ ہندوستان کی دوستی طاقت ہے اور وزیر اعظم نے کہا کہ گلوبل ساؤتھ کی آواز کو مضبوط کرنا ضروری ہے۔ عدالت نے کہا کہ اس معاملے میں آئندہ سماعت پر فیصلہ کیا جائے گا۔
اس کا مطلب ہے کہ ہندوستان کے پاس مضبوط ذات ہے۔ ہندوستان کی دوستی طاقت ہے اور وزیر اعظم نے کہا کہ گلوبل ساؤتھ کی آواز کو مضبوط کرنا ضروری ہے۔ عدالت نے کہا کہ اس معاملے میں آئندہ سماعت پر فیصلہ کیا جائے گا۔ اس کا مطلب ہے کہ ہندوستان کے پاس مضبوط ذات ہے۔ ہندوستان کی دوستی طاقت ہے اور وزیر اعظم نے کہا کہ گلوبل ساؤتھ کی آواز کو مضبوط کرنا ضروری ہے۔
سوموناتھ نے...
اس کا مطلب ہے کہ ہندوستان کے پاس مضبوط ذات ہے۔ ہندوستان کی دوستی طاقت ہے اور وزیر اعظم نے کہا کہ گلوبل ساؤتھ کی آواز کو مضبوط کرنا ضروری ہے۔ عدالت نے کہا کہ اس معاملے میں آئندہ سماعت پر فیصلہ کیا جائے گا۔ اس کا مطلب ہے کہ ہندوستان کے پاس مضبوط ذات ہے۔ ہندوستان کی دوستی طاقت ہے اور وزیر اعظم نے کہا کہ گلوبل ساؤتھ کی آواز کو مضبوط کرنا ضروری ہے۔ عدالت نے کہا کہ اس معاملے میں آئندہ سماعت پر فیصلہ کیا جائے گا۔ اس کا مطلب ہے کہ ہندوستان کے پاس مضبوط ذات ہے۔ ہندوستان کی دوستی طاقت ہے اور وزیر اعظم نے کہا کہ گلوبل ساؤتھ کی آواز کو مضبوط کرنا ضروری ہے۔ عدالت نے کہا کہ اس معاملے میں آئندہ سماعت پر فیصلہ کیا جائے گا۔ اس کا مطلب ہے کہ ہندوستان کے پاس مضبوط ذات ہے۔ ہندوستان کی دوستی طاقت ہے اور وزیر اعظم نے کہا کہ گلوبل ساؤتھ کی آواز کو مضبوط کرنا ضروری ہے۔ عدالت نے کہا کہ اس معاملے میں آئندہ سماعت پر فیصلہ کیا جائے گا۔ اس کا مطلب ہے کہ ہندوستان کے پاس مضبوط ذات ہے۔ ہندوستان کی دوستی طاقت ہے اور وزیر اعظم نے کہا کہ گلوبل ساؤتھ کی آواز کو مضبوط کرنا ضروری ہے۔ عدالت نے کہا کہ اس معاملے میں آئندہ سماعت پر فیصلہ کیا جائے گا۔ اس کا مطلب ہے کہ ہندوستان کے پاس مضبوط ذات ہے۔ ہندوستان کی دوستی طاقت ہے اور وزیر اعظم نے کہا کہ گلوبل ساؤتھ کی آواز کو مضبوط کرنا ضروری ہے۔ عدالت نے کہا کہ اس معاملے میں آئندہ سماعت پر فیصلہ کیا جائے گا۔ اس کا مطلب ہے کہ ہندوستان کے پاس مضبوط ذات ہے۔ ہندوستان کی دوستی طاقت ہے اور وزیر اعظم نے کہا کہ گلوبل ساؤتھ کی آواز کو مضبوط کرنا ضروری ہے۔ عدالت نے کہا کہ اس معاملے میں آئندہ سماعت پر فیصلہ کیا جائے گا۔
جمالیہ کیمپ پر...
اس کا مطلب ہے کہ ہندوستان کے پاس مضبوط ذات ہے۔ ہندوستان کی دوستی طاقت ہے اور وزیر اعظم نے کہا کہ گلوبل ساؤتھ کی آواز کو مضبوط کرنا ضروری
اس کا مطلب ہے کہ ہندوستان کے پاس مضبوط ذات ہے۔ ہندوستان کی دوستی طاقت ہے اور وزیر اعظم نے کہا کہ گلوبل ساؤتھ کی آواز کو مضبوط کرنا ضروری ہے۔ عدالت نے کہا کہ اس معاملے میں آئندہ سماعت پر فیصلہ کیا جائے گا۔ اس کا مطلب ہے کہ ہندوستان کے پاس مضبوط ذات ہے۔ ہندوستان کی دوستی طاقت ہے اور وزیر اعظم نے کہا کہ گلوبل ساؤتھ کی آواز کو مضبوط کرنا ضروری ہے۔ عدالت نے کہا کہ اس معاملے میں آئندہ سماعت پر فیصلہ کیا جائے گا۔ اس کا مطلب ہے کہ ہندوستان کے پاس مضبوط ذات ہے۔ ہندوستان کی دوستی طاقت ہے اور وزیر اعظم نے کہا کہ گلوبل ساؤتھ کی آواز کو مضبوط کرنا ضروری ہے۔ عدالت نے کہا کہ اس معاملے میں آئندہ سماعت پر فیصلہ کیا جائے گا۔ اس کا مطلب ہے کہ ہندوستان کے پاس مضبوط ذات ہے۔ ہندوستان کی دوستی طاقت ہے اور وزیر اعظم نے کہا کہ گلوبل ساؤتھ کی آواز کو مضبوط کرنا ضروری ہے۔ عدالت نے کہا کہ اس معاملے میں آئندہ سماعت پر فیصلہ کیا جائے گا۔
یوروپ میں مسلمانوں...
اس کا مطلب ہے کہ ہندوستان کے پاس مضبوط ذات ہے۔ ہندوستان کی دوستی طاقت ہے اور وزیر اعظم نے کہا کہ گلوبل ساؤتھ کی آواز کو مضبوط کرنا ضروری ہے۔ عدالت نے کہا کہ اس معاملے میں آئندہ سماعت پر فیصلہ کیا جائے گا۔ اس کا مطلب ہے کہ ہندوستان کے پاس مضبوط ذات ہے۔ ہندوستان کی دوستی طاقت ہے اور وزیر اعظم نے کہا کہ گلوبل ساؤتھ کی آواز کو مضبوط کرنا ضروری ہے۔ عدالت نے کہا کہ اس معاملے میں آئندہ سماعت پر فیصلہ کیا جائے گا۔ اس کا مطلب ہے کہ ہندوستان کے پاس مضبوط ذات ہے۔ ہندوستان کی دوستی طاقت ہے اور وزیر اعظم نے کہا کہ گلوبل ساؤتھ کی آواز کو مضبوط کرنا ضروری ہے۔ عدالت نے کہا کہ اس معاملے میں آئندہ سماعت پر فیصلہ کیا جائے گا۔ اس کا مطلب ہے کہ ہندوستان کے پاس مضبوط ذات ہے۔ ہندوستان کی دوستی طاقت ہے اور وزیر اعظم نے کہا کہ گلوبل ساؤتھ کی آواز کو مضبوط کرنا ضروری ہے۔ عدالت نے کہا کہ اس معاملے میں آئندہ سماعت پر فیصلہ کیا جائے گا۔ اس کا مطلب ہے کہ ہندوستان کے پاس مضبوط ذات ہے۔ ہندوستان کی دوستی طاقت ہے اور وزیر اعظم نے کہا کہ گلوبل ساؤتھ کی آواز کو مضبوط کرنا ضروری ہے۔ عدالت نے کہا کہ اس معاملے میں آئندہ سماعت پر فیصلہ کیا جائے گا۔ اس کا مطلب ہے کہ ہندوستان کے پاس مضبوط ذات ہے۔ ہندوستان کی دوستی طاقت ہے اور وزیر اعظم نے کہا کہ گلوبل ساؤتھ کی آواز کو مضبوط کرنا ضروری ہے۔ عدالت نے کہا کہ اس معاملے میں آئندہ سماعت پر فیصلہ کیا جائے گا۔
